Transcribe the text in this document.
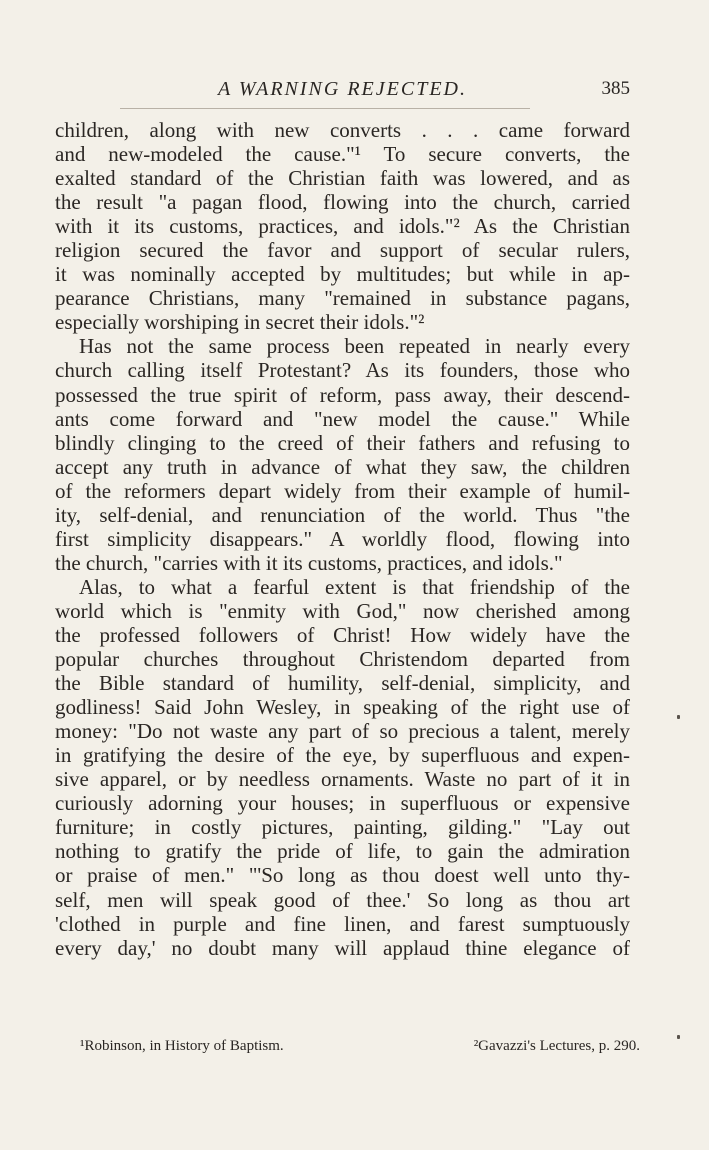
A WARNING REJECTED.	385
children, along with new converts . . . came forward
and new-modeled the cause."¹ To secure converts, the
exalted standard of the Christian faith was lowered, and as
the result "a pagan flood, flowing into the church, carried
with it its customs, practices, and idols."² As the Christian
religion secured the favor and support of secular rulers,
it was nominally accepted by multitudes; but while in ap-
pearance Christians, many "remained in substance pagans,
especially worshiping in secret their idols."²
Has not the same process been repeated in nearly every
church calling itself Protestant? As its founders, those who
possessed the true spirit of reform, pass away, their descend-
ants come forward and "new model the cause." While
blindly clinging to the creed of their fathers and refusing to
accept any truth in advance of what they saw, the children
of the reformers depart widely from their example of humil-
ity, self-denial, and renunciation of the world. Thus "the
first simplicity disappears." A worldly flood, flowing into
the church, "carries with it its customs, practices, and idols."
Alas, to what a fearful extent is that friendship of the
world which is "enmity with God," now cherished among
the professed followers of Christ! How widely have the
popular churches throughout Christendom departed from
the Bible standard of humility, self-denial, simplicity, and
godliness! Said John Wesley, in speaking of the right use of
money: "Do not waste any part of so precious a talent, merely
in gratifying the desire of the eye, by superfluous and expen-
sive apparel, or by needless ornaments. Waste no part of it in
curiously adorning your houses; in superfluous or expensive
furniture; in costly pictures, painting, gilding." "Lay out
nothing to gratify the pride of life, to gain the admiration
or praise of men." "'So long as thou doest well unto thy-
self, men will speak good of thee.' So long as thou art
'clothed in purple and fine linen, and farest sumptuously
every day,' no doubt many will applaud thine elegance of
¹Robinson, in History of Baptism.	²Gavazzi's Lectures, p. 290.
